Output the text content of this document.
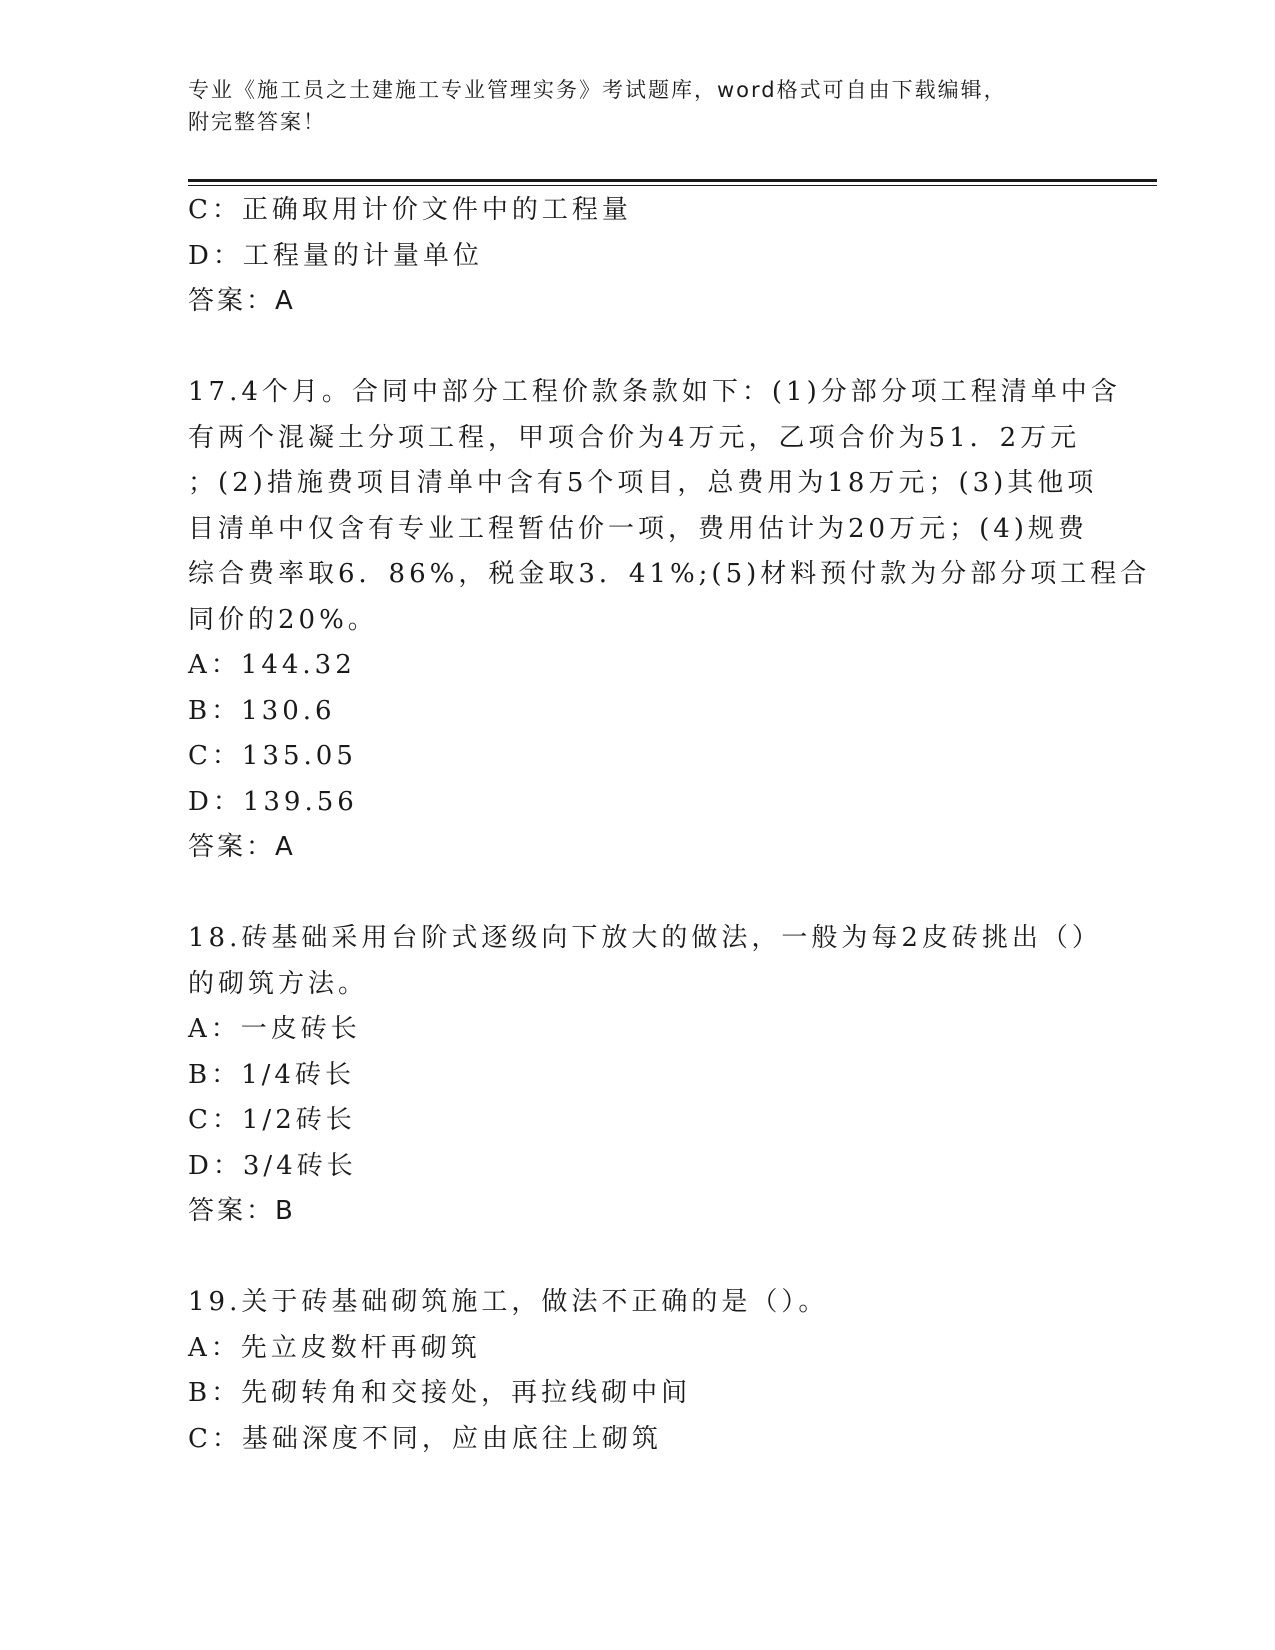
专业《施工员之土建施工专业管理实务》考试题库，word格式可自由下载编辑，
附完整答案！
C：正确取用计价文件中的工程量
D：工程量的计量单位
答案：A
17.4个月。合同中部分工程价款条款如下：(1)分部分项工程清单中含
有两个混凝土分项工程，甲项合价为4万元，乙项合价为51．2万元
；(2)措施费项目清单中含有5个项目，总费用为18万元；(3)其他项
目清单中仅含有专业工程暂估价一项，费用估计为20万元；(4)规费
综合费率取6．86%，税金取3．41%;(5)材料预付款为分部分项工程合
同价的20%。
A：144.32
B：130.6
C：135.05
D：139.56
答案：A
18.砖基础采用台阶式逐级向下放大的做法，一般为每2皮砖挑出（）
的砌筑方法。
A：一皮砖长
B：1/4砖长
C：1/2砖长
D：3/4砖长
答案：B
19.关于砖基础砌筑施工，做法不正确的是（）。
A：先立皮数杆再砌筑
B：先砌转角和交接处，再拉线砌中间
C：基础深度不同，应由底往上砌筑
